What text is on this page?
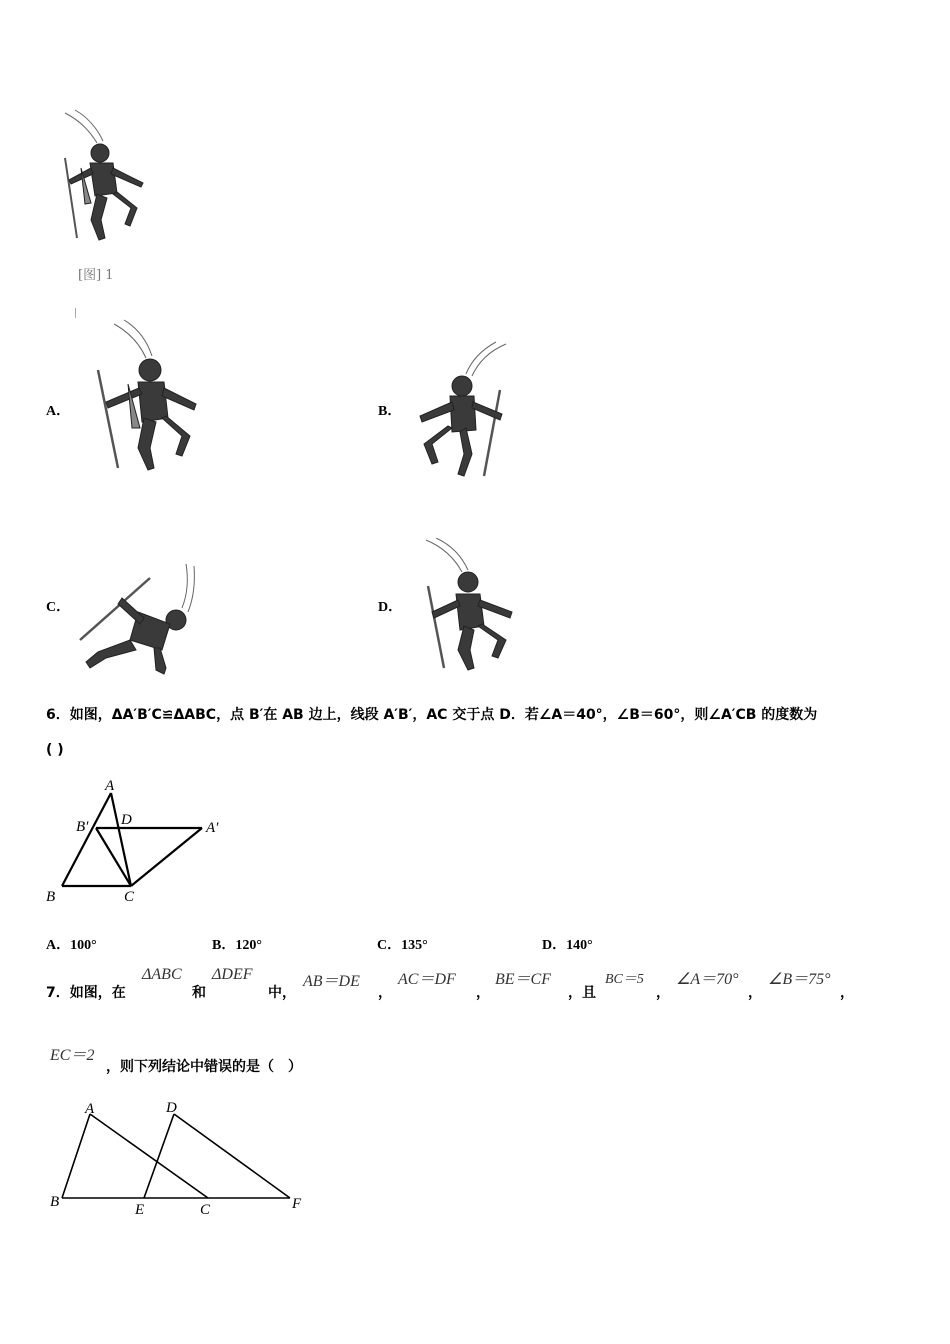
[图] 1
A．	B．
C．	D．
6．如图，ΔA′B′C≌ΔABC，点 B′在 AB 边上，线段 A′B′，AC 交于点 D．若∠A＝40°，∠B＝60°，则∠A′CB 的度数为
( )
A
D
B′	A′
B	C
A．100°	B．120°	C．135°	D．140°
7．如图，在
ΔABC
和
ΔDEF
中，
AB＝DE
，
AC＝DF
，
BE＝CF
，且
BC＝5
，
∠A＝70°
，
∠B＝75°
，
EC＝2
，则下列结论中错误的是（　）
A	D
B	E	C	F
